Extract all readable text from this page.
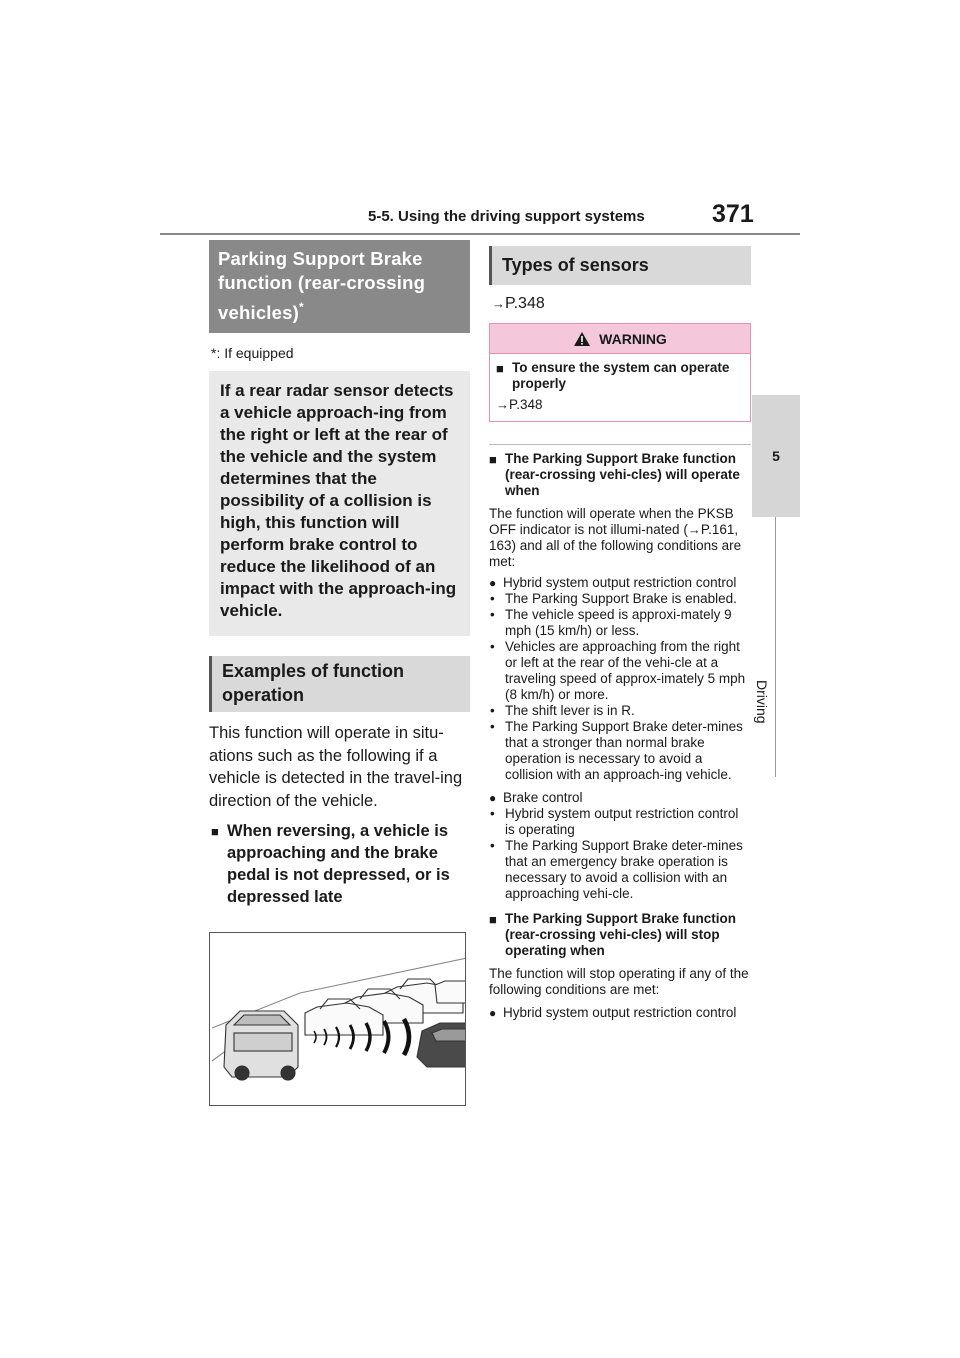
5-5. Using the driving support systems	371
5
Driving
Parking Support Brake function (rear-crossing vehicles)*
*: If equipped
If a rear radar sensor detects a vehicle approach-ing from the right or left at the rear of the vehicle and the system determines that the possibility of a collision is high, this function will perform brake control to reduce the likelihood of an impact with the approach-ing vehicle.
Examples of function operation
This function will operate in situ-ations such as the following if a vehicle is detected in the travel-ing direction of the vehicle.
■ When reversing, a vehicle is approaching and the brake pedal is not depressed, or is depressed late
Types of sensors
→P.348
WARNING
■ To ensure the system can operate properly
→P.348
■ The Parking Support Brake function (rear-crossing vehi-cles) will operate when
The function will operate when the PKSB OFF indicator is not illumi-nated (→P.161, 163) and all of the following conditions are met:
● Hybrid system output restriction control
• The Parking Support Brake is enabled.
• The vehicle speed is approxi-mately 9 mph (15 km/h) or less.
• Vehicles are approaching from the right or left at the rear of the vehi-cle at a traveling speed of approx-imately 5 mph (8 km/h) or more.
• The shift lever is in R.
• The Parking Support Brake deter-mines that a stronger than normal brake operation is necessary to avoid a collision with an approach-ing vehicle.
● Brake control
• Hybrid system output restriction control is operating
• The Parking Support Brake deter-mines that an emergency brake operation is necessary to avoid a collision with an approaching vehi-cle.
■ The Parking Support Brake function (rear-crossing vehi-cles) will stop operating when
The function will stop operating if any of the following conditions are met:
● Hybrid system output restriction control
